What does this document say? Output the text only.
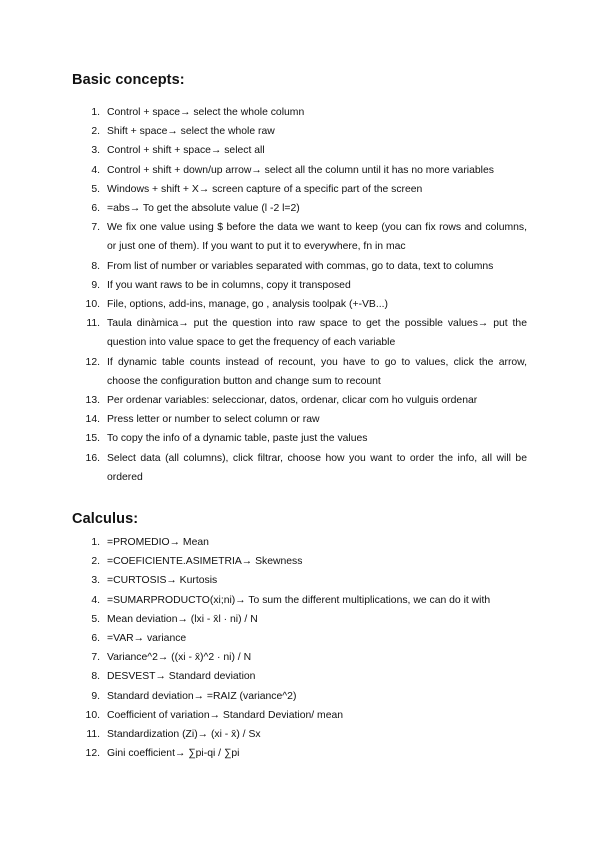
Basic concepts:
1. Control + space→ select the whole column
2. Shift + space→ select the whole raw
3. Control + shift + space→ select all
4. Control + shift + down/up arrow→ select all the column until it has no more variables
5. Windows + shift + X→ screen capture of a specific part of the screen
6. =abs→ To get the absolute value (l -2 l=2)
7. We fix one value using $ before the data we want to keep (you can fix rows and columns, or just one of them). If you want to put it to everywhere, fn in mac
8. From list of number or variables separated with commas, go to data, text to columns
9. If you want raws to be in columns, copy it transposed
10. File, options, add-ins, manage, go , analysis toolpak (+-VB...)
11. Taula dinàmica→ put the question into raw space to get the possible values→ put the question into value space to get the frequency of each variable
12. If dynamic table counts instead of recount, you have to go to values, click the arrow, choose the configuration button and change sum to recount
13. Per ordenar variables: seleccionar, datos, ordenar, clicar com ho vulguis ordenar
14. Press letter or number to select column or raw
15. To copy the info of a dynamic table, paste just the values
16. Select data (all columns), click filtrar, choose how you want to order the info, all will be ordered
Calculus:
1. =PROMEDIO→ Mean
2. =COEFICIENTE.ASIMETRIA→ Skewness
3. =CURTOSIS→ Kurtosis
4. =SUMARPRODUCTO(xi;ni)→ To sum the different multiplications, we can do it with
5. Mean deviation→ (lxi - x̄l · ni) / N
6. =VAR→ variance
7. Variance^2→ ((xi - x̄)^2 · ni) / N
8. DESVEST→ Standard deviation
9. Standard deviation→ =RAIZ (variance^2)
10. Coefficient of variation→ Standard Deviation/ mean
11. Standardization (Zi)→ (xi - x̄) / Sx
12. Gini coefficient→ ∑pi-qi / ∑pi
